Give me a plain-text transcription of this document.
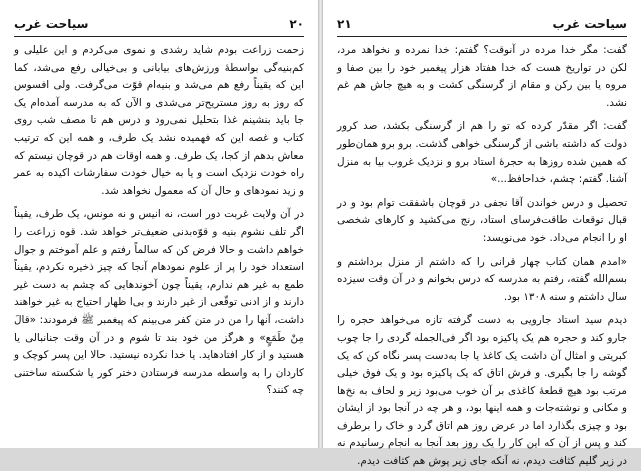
سیاحت غرب	۲۰

زحمت زراعت بودم شاید رشدی و نموی می‌کردم و این علیلی و کم‌بنیه‌گی بواسطهٔ ورزش‌های بیابانی و بی‌خیالی رفع می‌شد، کما این که یقیناً رفع هم می‌شد و بنیه‌ام قوّت می‌گرفت. ولی افسوس که روز به روز مستریح‌تر می‌شدی و الآن که به مدرسه آمده‌ام یک جا باید بنشینم غذا بتحلیل نمی‌رود و درس هم تا مصف شب روی کتاب و غصه این که فهمیده نشد یک طرف، و همه این که ترتیب معاش بدهم از کجا، یک طرف. و همه اوقات هم در قوچان نیستم که راه خودت نزدیک است و یا به خیال خودت سفارشات اکیده به عمر و زید نمودهای و حال آن که معمول نخواهد شد.

در آن ولایت غربت دور است، نه انیس و نه مونس، یک طرف، یقیناً اگر تلف نشوم بنیه و قوّه‌بدنی ضعیف‌تر خواهد شد. قوه زراعت را خواهم داشت و حالا فرض کن که سالماً رفتم و علم آموختم و جوال استعداد خود را پر از علوم نمودهام آنجا که چیز ذخیره نکردم، یقیناً طمع به غیر هم ندارم، یقیناً چون آخوندهایی که چشم به دست غیر دارند و از ادنی توقّعی از غیر دارند و بی‌ا ظهار احتیاج به غیر خواهند داشت، آنها را من در متن کفر می‌بینم که پیغمبر ﷺ فرمودند: «قالَ مِنْ طَمَعٍ» و هرگز من خود بند تا شوم و در آن وقت جنانبالی یا هستید و از کار افتادهاید. یا خدا نکرده نیستید. حالا این پسر کوچک و کاردان را به واسطه مدرسه فرستادن دختر کور یا شکسته ساختنی چه کنند؟

۲۱	سیاحت غرب

گفت: مگر خدا مرده در آنوقت؟ گفتم: خدا نمرده و نخواهد مرد، لکن در تواریخ هست که خدا هفتاد هزار پیغمبر خود را بین صفا و مروه یا بین رکن و مقام از گرسنگی کشت و به هیچ جاش هم غم نشد.

گفت: اگر مقدّر کرده که تو را هم از گرسنگی بکشد، صد کرور دولت که داشته باشی از گرسنگی خواهی گذشت. برو برو همان‌طور که همین شده روزها به حجرهٔ استاد برو و نزدیک غروب بیا به منزل آشنا. گفتم: چشم، خداحافظ...»

تحصیل و درس خواندن آقا نجفی در قوچان باشفقت توام بود و در قبال توقعات طاقت‌فرسای استاد، رنج می‌کشید و کارهای شخصی او را انجام می‌داد. خود می‌نویسد:

«امدم همان کتاب چهار قرانی را که داشتم از منزل برداشتم و بسم‌الله گفته، رفتم به مدرسه که درس بخوانم و در آن وقت سیزده سال داشتم و سنه ۱۳۰۸ بود.

دیدم سید استاد جارویی به دست گرفته تازه می‌خواهد حجره را جارو کند و حجره هم یک پاکیزه بود اگر فی‌الجمله گردی را جا چوب کبریتی و امثال آن داشت یک کاغذ یا جا به‌دست پسر نگاه کن که یک گوشه را جا بگیری. و فرش اتاق که یک پاکیزه بود و یک فوق خیلی مرتب بود هیچ قطعهٔ کاغذی بر آن خوب می‌بود زیر و لحاف به نخ‌ها و مکانی و نوشته‌جات و همه اینها بود، و هر چه در آنجا بود از ایشان بود و چیزی بگذارد اما در عرض روز هم اتاق گرد و خاک را برطرف کند و پس از آن که این کار را یک روز بعد آنجا به انجام رسانیدم نه در زیر گلیم کثافت دیدم، نه آنکه جای زیر پوش هم کثافت دیدم.
